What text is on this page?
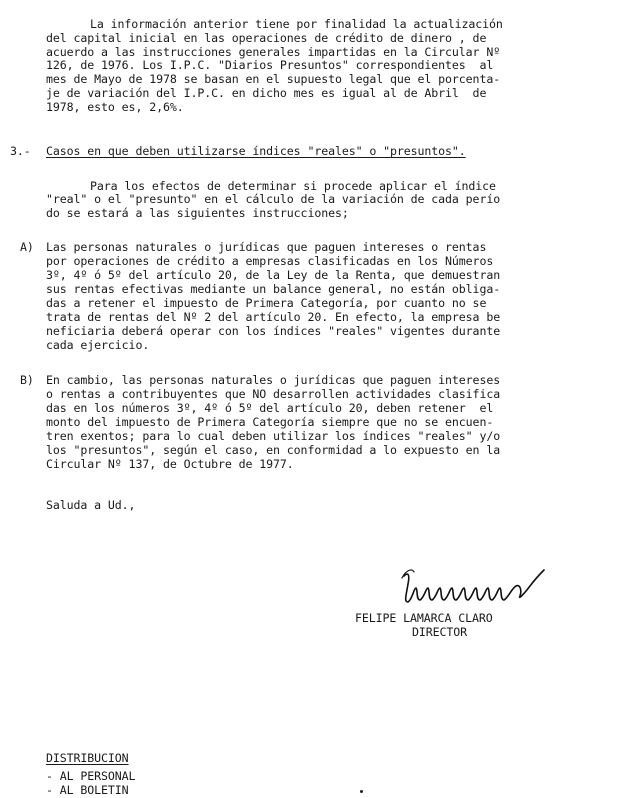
La información anterior tiene por finalidad la actualización
del capital inicial en las operaciones de crédito de dinero , de
acuerdo a las instrucciones generales impartidas en la Circular Nº
126, de 1976. Los I.P.C. "Diarios Presuntos" correspondientes  al
mes de Mayo de 1978 se basan en el supuesto legal que el porcenta-
je de variación del I.P.C. en dicho mes es igual al de Abril  de
1978, esto es, 2,6%.
3.- Casos en que deben utilizarse índices "reales" o "presuntos".
Para los efectos de determinar si procede aplicar el índice
"real" o el "presunto" en el cálculo de la variación de cada perío
do se estará a las siguientes instrucciones;
A) Las personas naturales o jurídicas que paguen intereses o rentas
por operaciones de crédito a empresas clasificadas en los Números
3º, 4º ó 5º del artículo 20, de la Ley de la Renta, que demuestran
sus rentas efectivas mediante un balance general, no están obliga-
das a retener el impuesto de Primera Categoría, por cuanto no se
trata de rentas del Nº 2 del artículo 20. En efecto, la empresa be
neficiaria deberá operar con los índices "reales" vigentes durante
cada ejercicio.
B) En cambio, las personas naturales o jurídicas que paguen intereses
o rentas a contribuyentes que NO desarrollen actividades clasifica
das en los números 3º, 4º ó 5º del artículo 20, deben retener  el
monto del impuesto de Primera Categoría siempre que no se encuen-
tren exentos; para lo cual deben utilizar los índices "reales" y/o
los "presuntos", según el caso, en conformidad a lo expuesto en la
Circular Nº 137, de Octubre de 1977.
Saluda a Ud.,
FELIPE LAMARCA CLARO
DIRECTOR
DISTRIBUCION
- AL PERSONAL
- AL BOLETIN
